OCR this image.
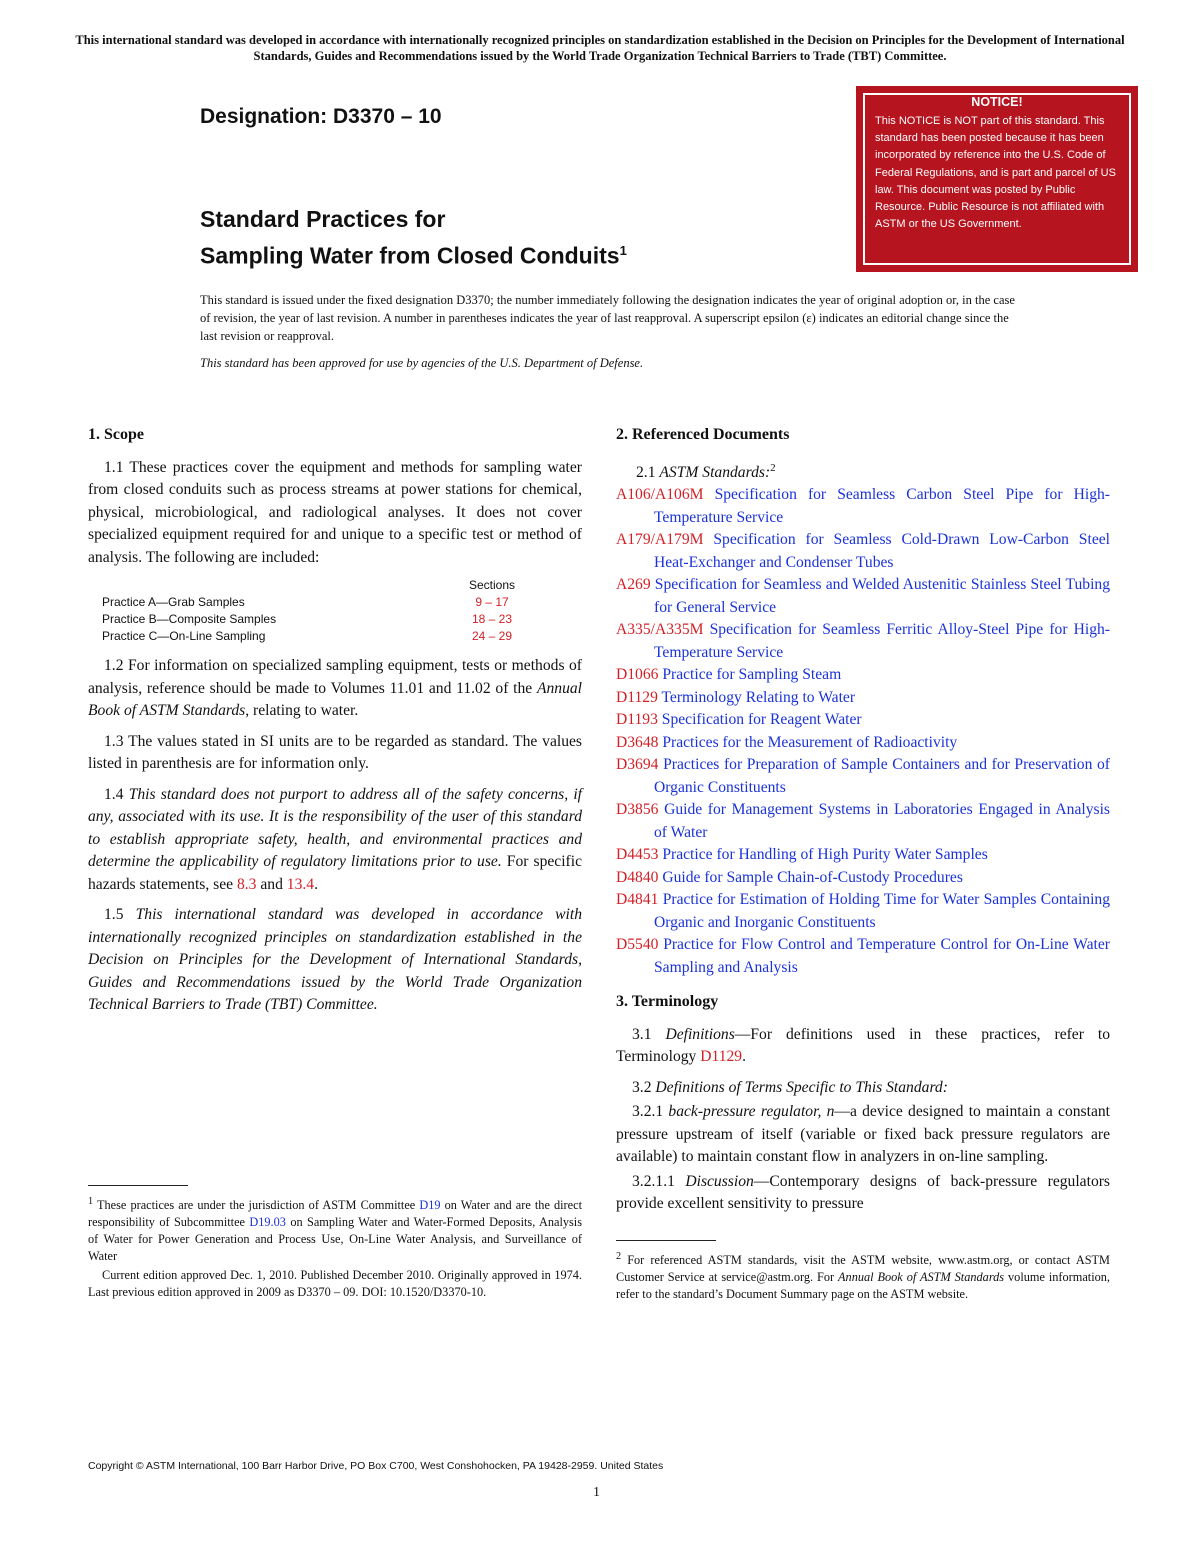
This international standard was developed in accordance with internationally recognized principles on standardization established in the Decision on Principles for the Development of International Standards, Guides and Recommendations issued by the World Trade Organization Technical Barriers to Trade (TBT) Committee.
Designation: D3370 – 10
NOTICE!
This NOTICE is NOT part of this standard. This standard has been posted because it has been incorporated by reference into the U.S. Code of Federal Regulations, and is part and parcel of US law. This document was posted by Public Resource. Public Resource is not affiliated with ASTM or the US Government.
Standard Practices for
Sampling Water from Closed Conduits$^1$
This standard is issued under the fixed designation D3370; the number immediately following the designation indicates the year of original adoption or, in the case of revision, the year of last revision. A number in parentheses indicates the year of last reapproval. A superscript epsilon (ε) indicates an editorial change since the last revision or reapproval.
This standard has been approved for use by agencies of the U.S. Department of Defense.
1. Scope
1.1 These practices cover the equipment and methods for sampling water from closed conduits such as process streams at power stations for chemical, physical, microbiological, and radiological analyses. It does not cover specialized equipment required for and unique to a specific test or method of analysis. The following are included:
Sections
Practice A—Grab Samples	9 – 17
Practice B—Composite Samples	18 – 23
Practice C—On-Line Sampling	24 – 29
1.2 For information on specialized sampling equipment, tests or methods of analysis, reference should be made to Volumes 11.01 and 11.02 of the Annual Book of ASTM Standards, relating to water.
1.3 The values stated in SI units are to be regarded as standard. The values listed in parenthesis are for information only.
1.4 This standard does not purport to address all of the safety concerns, if any, associated with its use. It is the responsibility of the user of this standard to establish appropriate safety, health, and environmental practices and determine the applicability of regulatory limitations prior to use. For specific hazards statements, see 8.3 and 13.4.
1.5 This international standard was developed in accordance with internationally recognized principles on standardization established in the Decision on Principles for the Development of International Standards, Guides and Recommendations issued by the World Trade Organization Technical Barriers to Trade (TBT) Committee.
$^1$ These practices are under the jurisdiction of ASTM Committee D19 on Water and are the direct responsibility of Subcommittee D19.03 on Sampling Water and Water-Formed Deposits, Analysis of Water for Power Generation and Process Use, On-Line Water Analysis, and Surveillance of Water
Current edition approved Dec. 1, 2010. Published December 2010. Originally approved in 1974. Last previous edition approved in 2009 as D3370 – 09. DOI: 10.1520/D3370-10.
2. Referenced Documents
2.1 ASTM Standards:$^2$
A106/A106M Specification for Seamless Carbon Steel Pipe for High-Temperature Service
A179/A179M Specification for Seamless Cold-Drawn Low-Carbon Steel Heat-Exchanger and Condenser Tubes
A269 Specification for Seamless and Welded Austenitic Stainless Steel Tubing for General Service
A335/A335M Specification for Seamless Ferritic Alloy-Steel Pipe for High-Temperature Service
D1066 Practice for Sampling Steam
D1129 Terminology Relating to Water
D1193 Specification for Reagent Water
D3648 Practices for the Measurement of Radioactivity
D3694 Practices for Preparation of Sample Containers and for Preservation of Organic Constituents
D3856 Guide for Management Systems in Laboratories Engaged in Analysis of Water
D4453 Practice for Handling of High Purity Water Samples
D4840 Guide for Sample Chain-of-Custody Procedures
D4841 Practice for Estimation of Holding Time for Water Samples Containing Organic and Inorganic Constituents
D5540 Practice for Flow Control and Temperature Control for On-Line Water Sampling and Analysis
3. Terminology
3.1 Definitions—For definitions used in these practices, refer to Terminology D1129.
3.2 Definitions of Terms Specific to This Standard:
3.2.1 back-pressure regulator, n—a device designed to maintain a constant pressure upstream of itself (variable or fixed back pressure regulators are available) to maintain constant flow in analyzers in on-line sampling.
3.2.1.1 Discussion—Contemporary designs of back-pressure regulators provide excellent sensitivity to pressure
$^2$ For referenced ASTM standards, visit the ASTM website, www.astm.org, or contact ASTM Customer Service at service@astm.org. For Annual Book of ASTM Standards volume information, refer to the standard’s Document Summary page on the ASTM website.
Copyright © ASTM International, 100 Barr Harbor Drive, PO Box C700, West Conshohocken, PA 19428-2959. United States
1
